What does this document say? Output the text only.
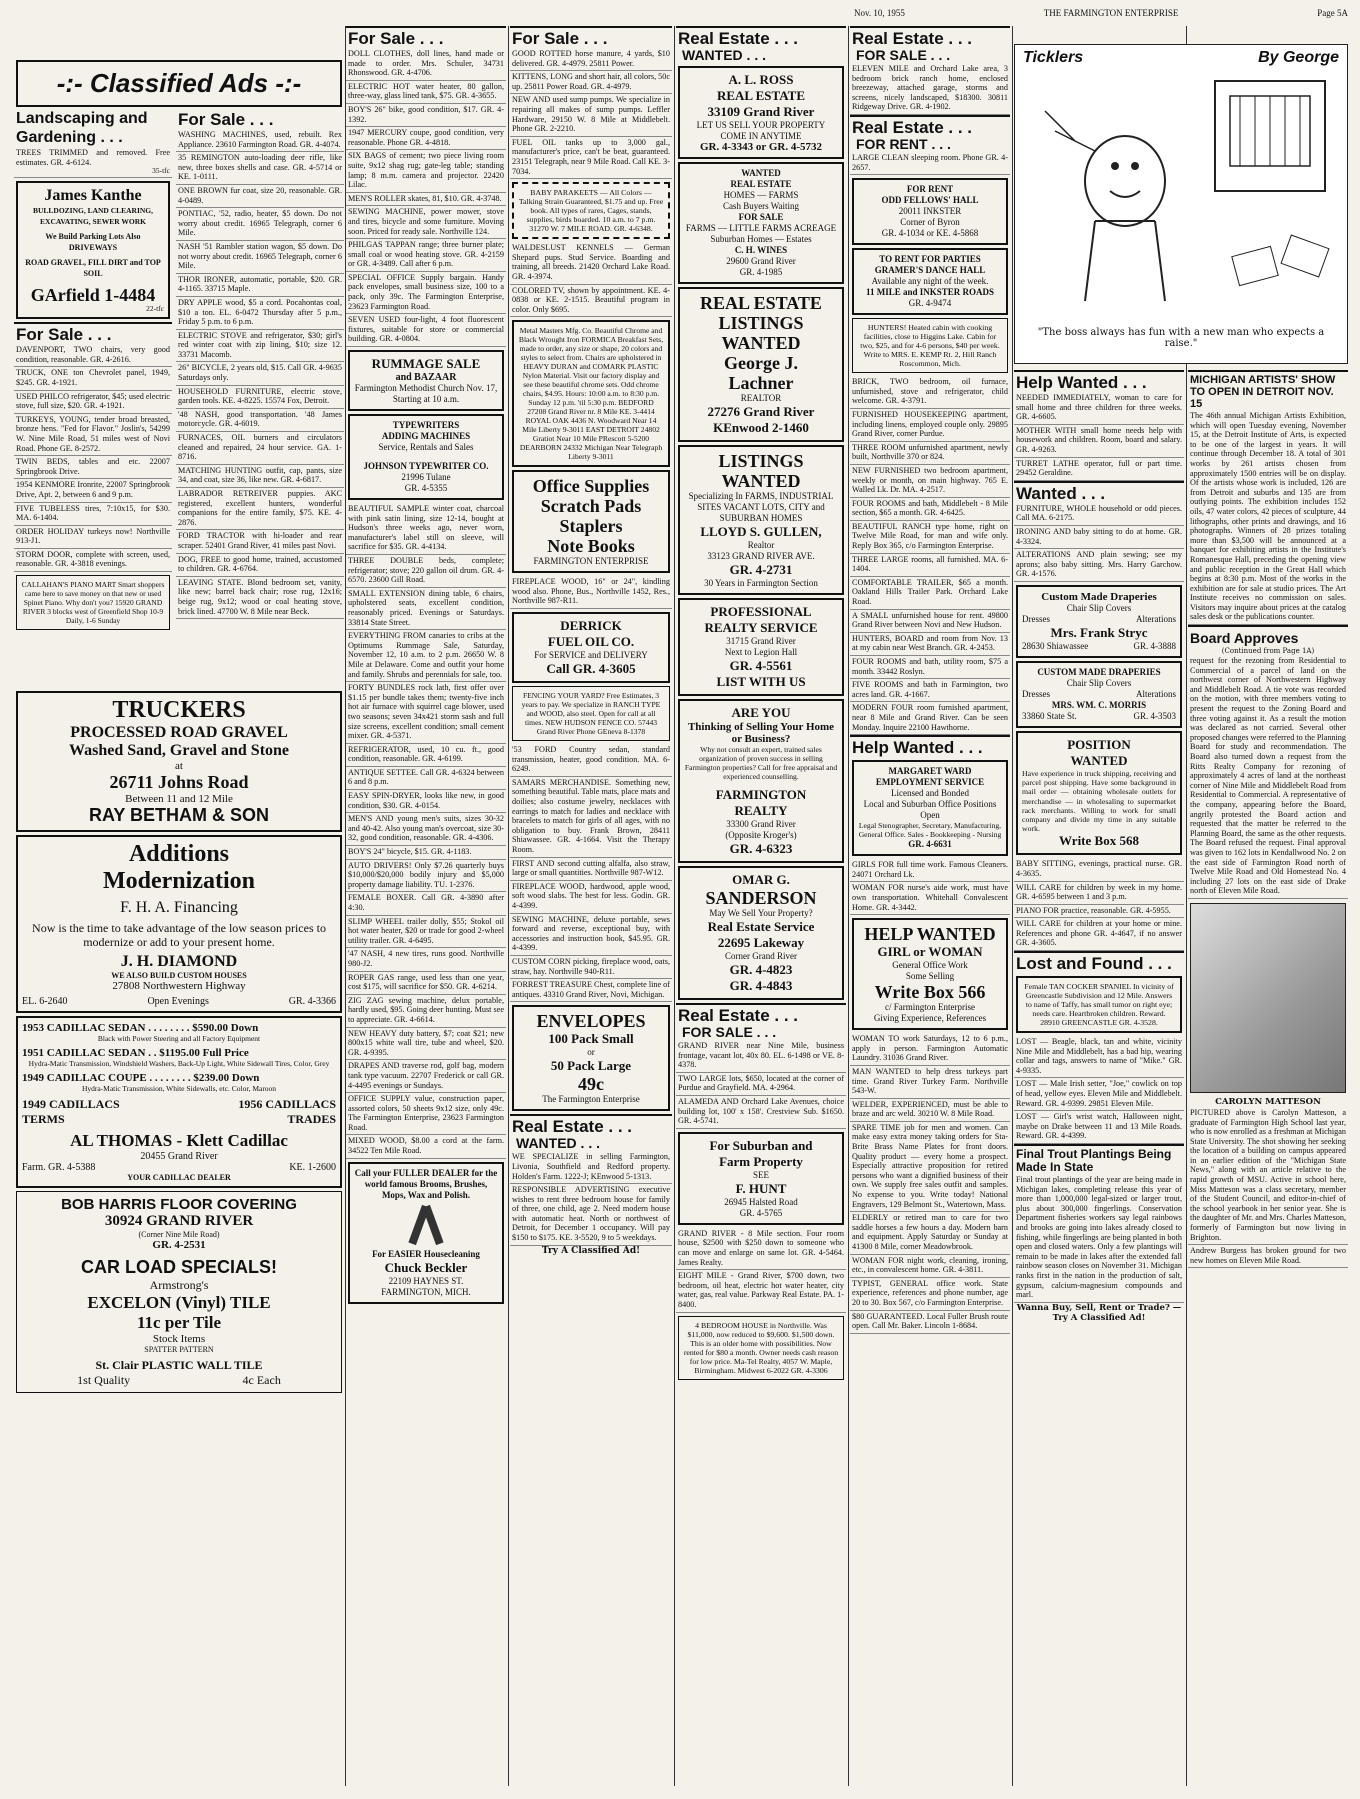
Nov. 10, 1955	THE FARMINGTON ENTERPRISE	Page 5A
-:- Classified Ads -:-
Landscaping and Gardening . . .
TREES TRIMMED and removed. Free estimates. GR. 4-6124.
35-tfc
James Kanthe
BULLDOZING, LAND CLEARING, EXCAVATING, SEWER WORK
We Build Parking Lots Also DRIVEWAYS
ROAD GRAVEL, FILL DIRT and TOP SOIL
GArfield 1-4484
22-tfc
For Sale . . .
DAVENPORT, TWO chairs, very good condition, reasonable. GR. 4-2616.
TRUCK, ONE ton Chevrolet panel, 1949, $245. GR. 4-1921.
USED PHILCO refrigerator, $45; used electric stove, full size, $20. GR. 4-1921.
TURKEYS, YOUNG, tender broad breasted, bronze hens. "Fed for Flavor." Joslin's, 54299 W. Nine Mile Road, 51 miles west of Novi Road. Phone GE. 8-2572.
TWIN BEDS, tables and etc. 22007 Springbrook Drive.
1954 KENMORE Ironrite, 22007 Springbrook Drive, Apt. 2, between 6 and 9 p.m.
FIVE TUBELESS tires, 7:10x15, for $30. MA. 6-1404.
ORDER HOLIDAY turkeys now! Northville 913-J1.
STORM DOOR, complete with screen, used, reasonable. GR. 4-3818 evenings.
CALLAHAN'S PIANO MART Smart shoppers came here to save money on that new or used Spinet Piano. Why don't you? 15920 GRAND RIVER 3 blocks west of Greenfield Shop 10-9 Daily, 1-6 Sunday
For Sale . . .
WASHING MACHINES, used, rebuilt. Rex Appliance. 23610 Farmington Road. GR. 4-4074.
35 REMINGTON auto-loading deer rifle, like new, three boxes shells and case. GR. 4-5714 or KE. 1-0111.
ONE BROWN fur coat, size 20, reasonable. GR. 4-0489.
PONTIAC, '52, radio, heater, $5 down. Do not worry about credit. 16965 Telegraph, corner 6 Mile.
NASH '51 Rambler station wagon, $5 down. Do not worry about credit. 16965 Telegraph, corner 6 Mile.
THOR IRONER, automatic, portable, $20. GR. 4-1165. 33715 Maple.
DRY APPLE wood, $5 a cord. Pocahontas coal, $10 a ton. EL. 6-0472 Thursday after 5 p.m., Friday 5 p.m. to 6 p.m.
ELECTRIC STOVE and refrigerator, $30; girl's red winter coat with zip lining, $10; size 12. 33731 Macomb.
26" BICYCLE, 2 years old, $15. Call GR. 4-9635 Saturdays only.
HOUSEHOLD FURNITURE, electric stove, garden tools. KE. 4-8225. 15574 Fox, Detroit.
'48 NASH, good transportation. '48 James motorcycle. GR. 4-6019.
FURNACES, OIL burners and circulators cleaned and repaired, 24 hour service. GA. 1-8716.
MATCHING HUNTING outfit, cap, pants, size 34, and coat, size 36, like new. GR. 4-6817.
LABRADOR RETREIVER puppies. AKC registered, excellent hunters, wonderful companions for the entire family, $75. KE. 4-2876.
FORD TRACTOR with hi-loader and rear scraper. 52401 Grand River, 41 miles past Novi.
DOG, FREE to good home, trained, accustomed to children. GR. 4-6764.
LEAVING STATE. Blond bedroom set, vanity, like new; barrel back chair; rose rug, 12x16; beige rug, 9x12; wood or coal heating stove, brick lined. 47700 W. 8 Mile near Beck.
TRUCKERS
PROCESSED ROAD GRAVEL
Washed Sand, Gravel and Stone
at
26711 Johns Road
Between 11 and 12 Mile
RAY BETHAM & SON
Additions
Modernization
F. H. A. Financing
Now is the time to take advantage of the low season prices to modernize or add to your present home.
J. H. DIAMOND
WE ALSO BUILD CUSTOM HOUSES
27808 Northwestern Highway
EL. 6-2640	Open Evenings	GR. 4-3366
1953 CADILLAC SEDAN . . . . . . . . $590.00 Down
Black with Power Steering and all Factory Equipment
1951 CADILLAC SEDAN . . $1195.00 Full Price
Hydra-Matic Transmission, Windshield Washers, Back-Up Light, White Sidewall Tires, Color, Grey
1949 CADILLAC COUPE . . . . . . . . $239.00 Down
Hydra-Matic Transmission, White Sidewalls, etc. Color, Maroon
1949 CADILLACS	1956 CADILLACS
TERMS	TRADES
AL THOMAS - Klett Cadillac
20455 Grand River
Farm. GR. 4-5388	KE. 1-2600
YOUR CADILLAC DEALER
BOB HARRIS FLOOR COVERING
30924 GRAND RIVER
(Corner Nine Mile Road)
GR. 4-2531
CAR LOAD SPECIALS!
Armstrong's
EXCELON (Vinyl) TILE
11c per Tile
Stock Items
SPATTER PATTERN
St. Clair PLASTIC WALL TILE
1st Quality	4c Each
For Sale . . .
DOLL CLOTHES, doll lines, hand made or made to order. Mrs. Schuler, 34731 Rhonswood. GR. 4-4706.
ELECTRIC HOT water heater, 80 gallon, three-way, glass lined tank, $75. GR. 4-3655.
BOY'S 26" bike, good condition, $17. GR. 4-1392.
1947 MERCURY coupe, good condition, very reasonable. Phone GR. 4-4818.
SIX BAGS of cement; two piece living room suite, 9x12 shag rug; gate-leg table; standing lamp; 8 m.m. camera and projector. 22420 Lilac.
MEN'S ROLLER skates, 81, $10. GR. 4-3748.
SEWING MACHINE, power mower, stove and tires, bicycle and some furniture. Moving soon. Priced for ready sale. Northville 124.
PHILGAS TAPPAN range; three burner plate; small coal or wood heating stove. GR. 4-2159 or GR. 4-3489. Call after 6 p.m.
SPECIAL OFFICE Supply bargain. Handy pack envelopes, small business size, 100 to a pack, only 39c. The Farmington Enterprise, 23623 Farmington Road.
SEVEN USED four-light, 4 foot fluorescent fixtures, suitable for store or commercial building. GR. 4-0804.
RUMMAGE SALE
and BAZAAR
Farmington Methodist Church Nov. 17, Starting at 10 a.m.
TYPEWRITERS
ADDING MACHINES
Service, Rentals and Sales
JOHNSON TYPEWRITER CO.
21996 Tulane
GR. 4-5355
BEAUTIFUL SAMPLE winter coat, charcoal with pink satin lining, size 12-14, bought at Hudson's three weeks ago, never worn, manufacturer's label still on sleeve, will sacrifice for $35. GR. 4-4134.
THREE DOUBLE beds, complete; refrigerator; stove; 220 gallon oil drum. GR. 4-6570. 23600 Gill Road.
SMALL EXTENSION dining table, 6 chairs, upholstered seats, excellent condition, reasonably priced. Evenings or Saturdays. 33814 State Street.
EVERYTHING FROM canaries to cribs at the Optimums Rummage Sale, Saturday, November 12, 10 a.m. to 2 p.m. 26650 W. 8 Mile at Delaware. Come and outfit your home and family. Shrubs and perennials for sale, too.
FORTY BUNDLES rock lath, first offer over $1.15 per bundle takes them; twenty-five inch hot air furnace with squirrel cage blower, used two seasons; seven 34x421 storm sash and full size screens, excellent condition; small cement mixer. GR. 4-5371.
REFRIGERATOR, used, 10 cu. ft., good condition, reasonable. GR. 4-6199.
ANTIQUE SETTEE. Call GR. 4-6324 between 6 and 8 p.m.
EASY SPIN-DRYER, looks like new, in good condition, $30. GR. 4-0154.
MEN'S AND young men's suits, sizes 30-32 and 40-42. Also young man's overcoat, size 30-32, good condition, reasonable. GR. 4-4306.
BOY'S 24" bicycle, $15. GR. 4-1183.
AUTO DRIVERS! Only $7.26 quarterly buys $10,000/$20,000 bodily injury and $5,000 property damage liability. TU. 1-2376.
FEMALE BOXER. Call GR. 4-3890 after 4:30.
SLIMP WHEEL trailer dolly, $55; Stokol oil hot water heater, $20 or trade for good 2-wheel utility trailer. GR. 4-6495.
'47 NASH, 4 new tires, runs good. Northville 980-J2.
ROPER GAS range, used less than one year, cost $175, will sacrifice for $50. GR. 4-6214.
ZIG ZAG sewing machine, delux portable, hardly used, $95. Going deer hunting. Must see to appreciate. GR. 4-6614.
NEW HEAVY duty battery, $7; coat $21; new 800x15 white wall tire, tube and wheel, $20. GR. 4-9395.
DRAPES AND traverse rod, golf bag, modern tank type vacuum. 22707 Frederick or call GR. 4-4495 evenings or Sundays.
OFFICE SUPPLY value, construction paper, assorted colors, 50 sheets 9x12 size, only 49c. The Farmington Enterprise, 23623 Farmington Road.
MIXED WOOD, $8.00 a cord at the farm. 34522 Ten Mile Road.
Call your FULLER DEALER for the world famous Brooms, Brushes, Mops, Wax and Polish.
For EASIER Housecleaning
Chuck Beckler
22109 HAYNES ST.
FARMINGTON, MICH.
For Sale . . .
GOOD ROTTED horse manure, 4 yards, $10 delivered. GR. 4-4979. 25811 Power.
KITTENS, LONG and short hair, all colors, 50c up. 25811 Power Road. GR. 4-4979.
NEW AND used sump pumps. We specialize in repairing all makes of sump pumps. Leffler Hardware, 29150 W. 8 Mile at Middlebelt. Phone GR. 2-2210.
FUEL OIL tanks up to 3,000 gal., manufacturer's price, can't be beat, guaranteed. 23151 Telegraph, near 9 Mile Road. Call KE. 3-7034.
BABY PARAKEETS — All Colors — Talking Strain Guaranteed, $1.75 and up. Free book. All types of rares, Cages, stands, supplies, birds boarded. 10 a.m. to 7 p.m. 31270 W. 7 MILE ROAD. GR. 4-6348.
WALDESLUST KENNELS — German Shepard pups. Stud Service. Boarding and training, all breeds. 21420 Orchard Lake Road. GR. 4-3974.
COLORED TV, shown by appointment. KE. 4-0838 or KE. 2-1515. Beautiful program in color. Only $695.
Metal Masters Mfg. Co. Beautiful Chrome and Black Wrought Iron FORMICA Breakfast Sets, made to order, any size or shape, 20 colors and styles to select from. Chairs are upholstered in HEAVY DURAN and COMARK PLASTIC Nylon Material. Visit our factory display and see these beautiful chrome sets. Odd chrome chairs, $4.95. Hours: 10:00 a.m. to 8:30 p.m. Sunday 12 p.m. 'til 5:30 p.m. BEDFORD 27208 Grand River nr. 8 Mile KE. 3-4414 ROYAL OAK 4436 N. Woodward Near 14 Mile Liberty 9-3011 EAST DETROIT 24802 Gratiot Near 10 Mile PRescott 5-5200 DEARBORN 24332 Michigan Near Telegraph Liberty 9-3011
Office Supplies
Scratch Pads
Staplers
Note Books
FARMINGTON ENTERPRISE
FIREPLACE WOOD, 16" or 24", kindling wood also. Phone, Bus., Northville 1452, Res., Northville 987-R11.
DERRICK
FUEL OIL CO.
For SERVICE and DELIVERY
Call GR. 4-3605
FENCING YOUR YARD? Free Estimates, 3 years to pay. We specialize in RANCH TYPE and WOOD, also steel. Open for call at all times. NEW HUDSON FENCE CO. 57443 Grand River Phone GEneva 8-1378
'53 FORD Country sedan, standard transmission, heater, good condition. MA. 6-6249.
SAMARS MERCHANDISE. Something new, something beautiful. Table mats, place mats and doilies; also costume jewelry, necklaces with earrings to match for ladies and necklace with bracelets to match for girls of all ages, with no obligation to buy. Frank Brown, 28411 Shiawassee. GR. 4-1664. Visit the Therapy Room.
FIRST AND second cutting alfalfa, also straw, large or small quantities. Northville 987-W12.
FIREPLACE WOOD, hardwood, apple wood, soft wood slabs. The best for less. Godin. GR. 4-4399.
SEWING MACHINE, deluxe portable, sews forward and reverse, exceptional buy, with accessories and instruction book, $45.95. GR. 4-4399.
CUSTOM CORN picking, fireplace wood, oats, straw, hay. Northville 940-R11.
FORREST TREASURE Chest, complete line of antiques. 43310 Grand River, Novi, Michigan.
ENVELOPES
100 Pack Small
or
50 Pack Large
49c
The Farmington Enterprise
Real Estate . . .
WANTED . . .
WE SPECIALIZE in selling Farmington, Livonia, Southfield and Redford property. Holden's Farm. 1222-J; KEnwood 5-1313.
RESPONSIBLE ADVERTISING executive wishes to rent three bedroom house for family of three, one child, age 2. Need modern house with automatic heat. North or northwest of Detroit, for December 1 occupancy. Will pay $150 to $175. KE. 3-5520, 9 to 5 weekdays.
Try A Classified Ad!
Real Estate . . .
WANTED . . .
A. L. ROSS
REAL ESTATE
33109 Grand River
LET US SELL YOUR PROPERTY
COME IN ANYTIME
GR. 4-3343 or GR. 4-5732
WANTED
REAL ESTATE
HOMES — FARMS
Cash Buyers Waiting
FOR SALE
FARMS — LITTLE FARMS ACREAGE
Suburban Homes — Estates
C. H. WINES
29600 Grand River
GR. 4-1985
REAL ESTATE
LISTINGS
WANTED
George J.
Lachner
REALTOR
27276 Grand River
KEnwood 2-1460
LISTINGS
WANTED
Specializing In FARMS, INDUSTRIAL SITES VACANT LOTS, CITY and SUBURBAN HOMES
LLOYD S. GULLEN,
Realtor
33123 GRAND RIVER AVE.
GR. 4-2731
30 Years in Farmington Section
PROFESSIONAL
REALTY SERVICE
31715 Grand River
Next to Legion Hall
GR. 4-5561
LIST WITH US
ARE YOU
Thinking of Selling Your Home or Business?
Why not consult an expert, trained sales organization of proven success in selling Farmington properties? Call for free appraisal and experienced counselling.
FARMINGTON
REALTY
33300 Grand River
(Opposite Kroger's)
GR. 4-6323
OMAR G.
SANDERSON
May We Sell Your Property?
Real Estate Service
22695 Lakeway
Corner Grand River
GR. 4-4823
GR. 4-4843
Real Estate . . .
FOR SALE . . .
GRAND RIVER near Nine Mile, business frontage, vacant lot, 40x 80. EL. 6-1498 or VE. 8-4378.
TWO LARGE lots, $650, located at the corner of Purdue and Grayfield. MA. 4-2964.
ALAMEDA AND Orchard Lake Avenues, choice building lot, 100' x 158'. Crestview Sub. $1650. GR. 4-5741.
For Suburban and
Farm Property
SEE
F. HUNT
26945 Halsted Road
GR. 4-5765
GRAND RIVER - 8 Mile section. Four room house, $2500 with $250 down to someone who can move and enlarge on same lot. GR. 4-5464. James Realty.
EIGHT MILE - Grand River, $700 down, two bedroom, oil heat, electric hot water heater, city water, gas, real value. Parkway Real Estate. PA. 1-8400.
4 BEDROOM HOUSE in Northville. Was $11,000, now reduced to $9,600. $1,500 down. This is an older home with possibilities. Now rented for $80 a month. Owner needs cash reason for low price. Ma-Tel Realty, 4057 W. Maple, Birmingham. Midwest 6-2022 GR. 4-3306
Real Estate . . .
FOR SALE . . .
ELEVEN MILE and Orchard Lake area, 3 bedroom brick ranch home, enclosed breezeway, attached garage, storms and screens, nicely landscaped, $18300. 30811 Ridgeway Drive. GR. 4-1902.
Real Estate . . .
FOR RENT . . .
LARGE CLEAN sleeping room. Phone GR. 4-2657.
FOR RENT
ODD FELLOWS' HALL
20011 INKSTER
Corner of Byron
GR. 4-1034 or KE. 4-5868
TO RENT FOR PARTIES
GRAMER'S DANCE HALL
Available any night of the week.
11 MILE and INKSTER ROADS
GR. 4-9474
HUNTERS! Heated cabin with cooking facilities, close to Higgins Lake. Cabin for two, $25, and for 4-6 persons, $40 per week. Write to MRS. E. KEMP Rt. 2, Hill Ranch Roscommon, Mich.
BRICK, TWO bedroom, oil furnace, unfurnished, stove and refrigerator, child welcome. GR. 4-3791.
FURNISHED HOUSEKEEPING apartment, including linens, employed couple only. 29895 Grand River, corner Purdue.
THREE ROOM unfurnished apartment, newly built, Northville 370 or 824.
NEW FURNISHED two bedroom apartment, weekly or month, on main highway. 765 E. Walled Lk. Dr. MA. 4-2517.
FOUR ROOMS and bath, Middlebelt - 8 Mile section, $65 a month. GR. 4-6425.
BEAUTIFUL RANCH type home, right on Twelve Mile Road, for man and wife only. Reply Box 365, c/o Farmington Enterprise.
THREE LARGE rooms, all furnished. MA. 6-1404.
COMFORTABLE TRAILER, $65 a month. Oakland Hills Trailer Park. Orchard Lake Road.
A SMALL unfurnished house for rent. 49800 Grand River between Novi and New Hudson.
HUNTERS, BOARD and room from Nov. 13 at my cabin near West Branch. GR. 4-2453.
FOUR ROOMS and bath, utility room, $75 a month. 33442 Roslyn.
FIVE ROOMS and bath in Farmington, two acres land. GR. 4-1667.
MODERN FOUR room furnished apartment, near 8 Mile and Grand River. Can be seen Monday. Inquire 22100 Hawthorne.
Help Wanted . . .
MARGARET WARD
EMPLOYMENT SERVICE
Licensed and Bonded
Local and Suburban Office Positions Open
Legal Stenographer, Secretary, Manufacturing, General Office. Sales - Bookkeeping - Nursing
GR. 4-6631
GIRLS FOR full time work. Famous Cleaners. 24071 Orchard Lk.
WOMAN FOR nurse's aide work, must have own transportation. Whitehall Convalescent Home. GR. 4-3442.
HELP WANTED
GIRL or WOMAN
General Office Work
Some Selling
Write Box 566
c/ Farmington Enterprise
Giving Experience, References
WOMAN TO work Saturdays, 12 to 6 p.m., apply in person. Farmington Automatic Laundry. 31036 Grand River.
MAN WANTED to help dress turkeys part time. Grand River Turkey Farm. Northville 543-W.
WELDER, EXPERIENCED, must be able to braze and arc weld. 30210 W. 8 Mile Road.
SPARE TIME job for men and women. Can make easy extra money taking orders for Sta-Brite Brass Name Plates for front doors. Quality product — every home a prospect. Especially attractive proposition for retired persons who want a dignified business of their own. We supply free sales outfit and samples. No expense to you. Write today! National Engravers, 129 Belmont St., Watertown, Mass.
ELDERLY or retired man to care for two saddle horses a few hours a day. Modern barn and equipment. Apply Saturday or Sunday at 41300 8 Mile, corner Meadowbrook.
WOMAN FOR night work, cleaning, ironing, etc., in convalescent home. GR. 4-3811.
TYPIST, GENERAL office work. State experience, references and phone number, age 20 to 30. Box 567, c/o Farmington Enterprise.
$80 GUARANTEED. Local Fuller Brush route open. Call Mr. Baker. Lincoln 1-8684.
Ticklers	By George
"The boss always has fun with a new man who expects a raise."
Help Wanted . . .
NEEDED IMMEDIATELY, woman to care for small home and three children for three weeks. GR. 4-6605.
MOTHER WITH small home needs help with housework and children. Room, board and salary. GR. 4-9263.
TURRET LATHE operator, full or part time. 29452 Geraldine.
Wanted . . .
FURNITURE, WHOLE household or odd pieces. Call MA. 6-2175.
IRONING AND baby sitting to do at home. GR. 4-3324.
ALTERATIONS AND plain sewing; see my aprons; also baby sitting. Mrs. Harry Garchow. GR. 4-1576.
Custom Made Draperies
Chair Slip Covers
Dresses	Alterations
Mrs. Frank Stryc
28630 Shiawassee	GR. 4-3888
CUSTOM MADE DRAPERIES
Chair Slip Covers
Dresses	Alterations
MRS. WM. C. MORRIS
33860 State St.	GR. 4-3503
POSITION
WANTED
Have experience in truck shipping, receiving and parcel post shipping. Have some background in mail order — obtaining wholesale outlets for merchandise — in wholesaling to supermarket rack merchants. Willing to work for small company and divide my time in any suitable work.
Write Box 568
BABY SITTING, evenings, practical nurse. GR. 4-3635.
WILL CARE for children by week in my home. GR. 4-6595 between 1 and 3 p.m.
PIANO FOR practice, reasonable. GR. 4-5955.
WILL CARE for children at your home or mine. References and phone GR. 4-4647, if no answer GR. 4-3605.
Lost and Found . . .
Female TAN COCKER SPANIEL In vicinity of Greencastle Subdivision and 12 Mile. Answers to name of Taffy, has small tumor on right eye; needs care. Heartbroken children. Reward. 28910 GREENCASTLE GR. 4-3528.
LOST — Beagle, black, tan and white, vicinity Nine Mile and Middlebelt, has a bad hip, wearing collar and tags, answers to name of "Mike." GR. 4-9335.
LOST — Male Irish setter, "Joe," cowlick on top of head, yellow eyes. Eleven Mile and Middlebelt. Reward. GR. 4-9399. 29851 Eleven Mile.
LOST — Girl's wrist watch, Halloween night, maybe on Drake between 11 and 13 Mile Roads. Reward. GR. 4-4399.
Final Trout Plantings Being Made In State
Final trout plantings of the year are being made in Michigan lakes, completing release this year of more than 1,000,000 legal-sized or larger trout, plus about 300,000 fingerlings. Conservation Department fisheries workers say legal rainbows and brooks are going into lakes already closed to fishing, while fingerlings are being planted in both open and closed waters. Only a few plantings will remain to be made in lakes after the extended fall rainbow season closes on November 31. Michigan ranks first in the nation in the production of salt, gypsum, calcium-magnesium compounds and marl.
Wanna Buy, Sell, Rent or Trade? — Try A Classified Ad!
MICHIGAN ARTISTS' SHOW TO OPEN IN DETROIT NOV. 15
The 46th annual Michigan Artists Exhibition, which will open Tuesday evening, November 15, at the Detroit Institute of Arts, is expected to be one of the largest in years. It will continue through December 18. A total of 301 works by 261 artists chosen from approximately 1500 entries will be on display. Of the artists whose work is included, 126 are from Detroit and suburbs and 135 are from outlying points. The exhibition includes 152 oils, 47 water colors, 42 pieces of sculpture, 44 lithographs, other prints and drawings, and 16 photographs. Winners of 28 prizes totaling more than $3,500 will be announced at a banquet for exhibiting artists in the Institute's Romanesque Hall, preceding the opening view and public reception in the Great Hall which begins at 8:30 p.m. Most of the works in the exhibition are for sale at studio prices. The Art Institute receives no commission on sales. Visitors may inquire about prices at the catalog sales desk or the publications counter.
Board Approves
(Continued from Page 1A)
request for the rezoning from Residential to Commercial of a parcel of land on the northwest corner of Northwestern Highway and Middlebelt Road. A tie vote was recorded on the motion, with three members voting to present the request to the Zoning Board and three voting against it. As a result the motion was declared as not carried. Several other proposed changes were referred to the Planning Board for study and recommendation. The Board also turned down a request from the Ritts Realty Company for rezoning of approximately 4 acres of land at the northeast corner of Nine Mile and Middlebelt Road from Residential to Commercial. A representative of the company, appearing before the Board, angrily protested the Board action and requested that the matter be referred to the Planning Board, the same as the other requests. The Board refused the request. Final approval was given to 162 lots in Kendallwood No. 2 on the east side of Farmington Road north of Twelve Mile Road and Old Homestead No. 4 including 27 lots on the east side of Drake north of Eleven Mile Road.
CAROLYN MATTESON
PICTURED above is Carolyn Matteson, a graduate of Farmington High School last year, who is now enrolled as a freshman at Michigan State University. The shot showing her seeking the location of a building on campus appeared in an earlier edition of the "Michigan State News," along with an article relative to the rapid growth of MSU. Active in school here, Miss Matteson was a class secretary, member of the Student Council, and editor-in-chief of the school yearbook in her senior year. She is the daughter of Mr. and Mrs. Charles Matteson, formerly of Farmington but now living in Brighton.
Andrew Burgess has broken ground for two new homes on Eleven Mile Road.
